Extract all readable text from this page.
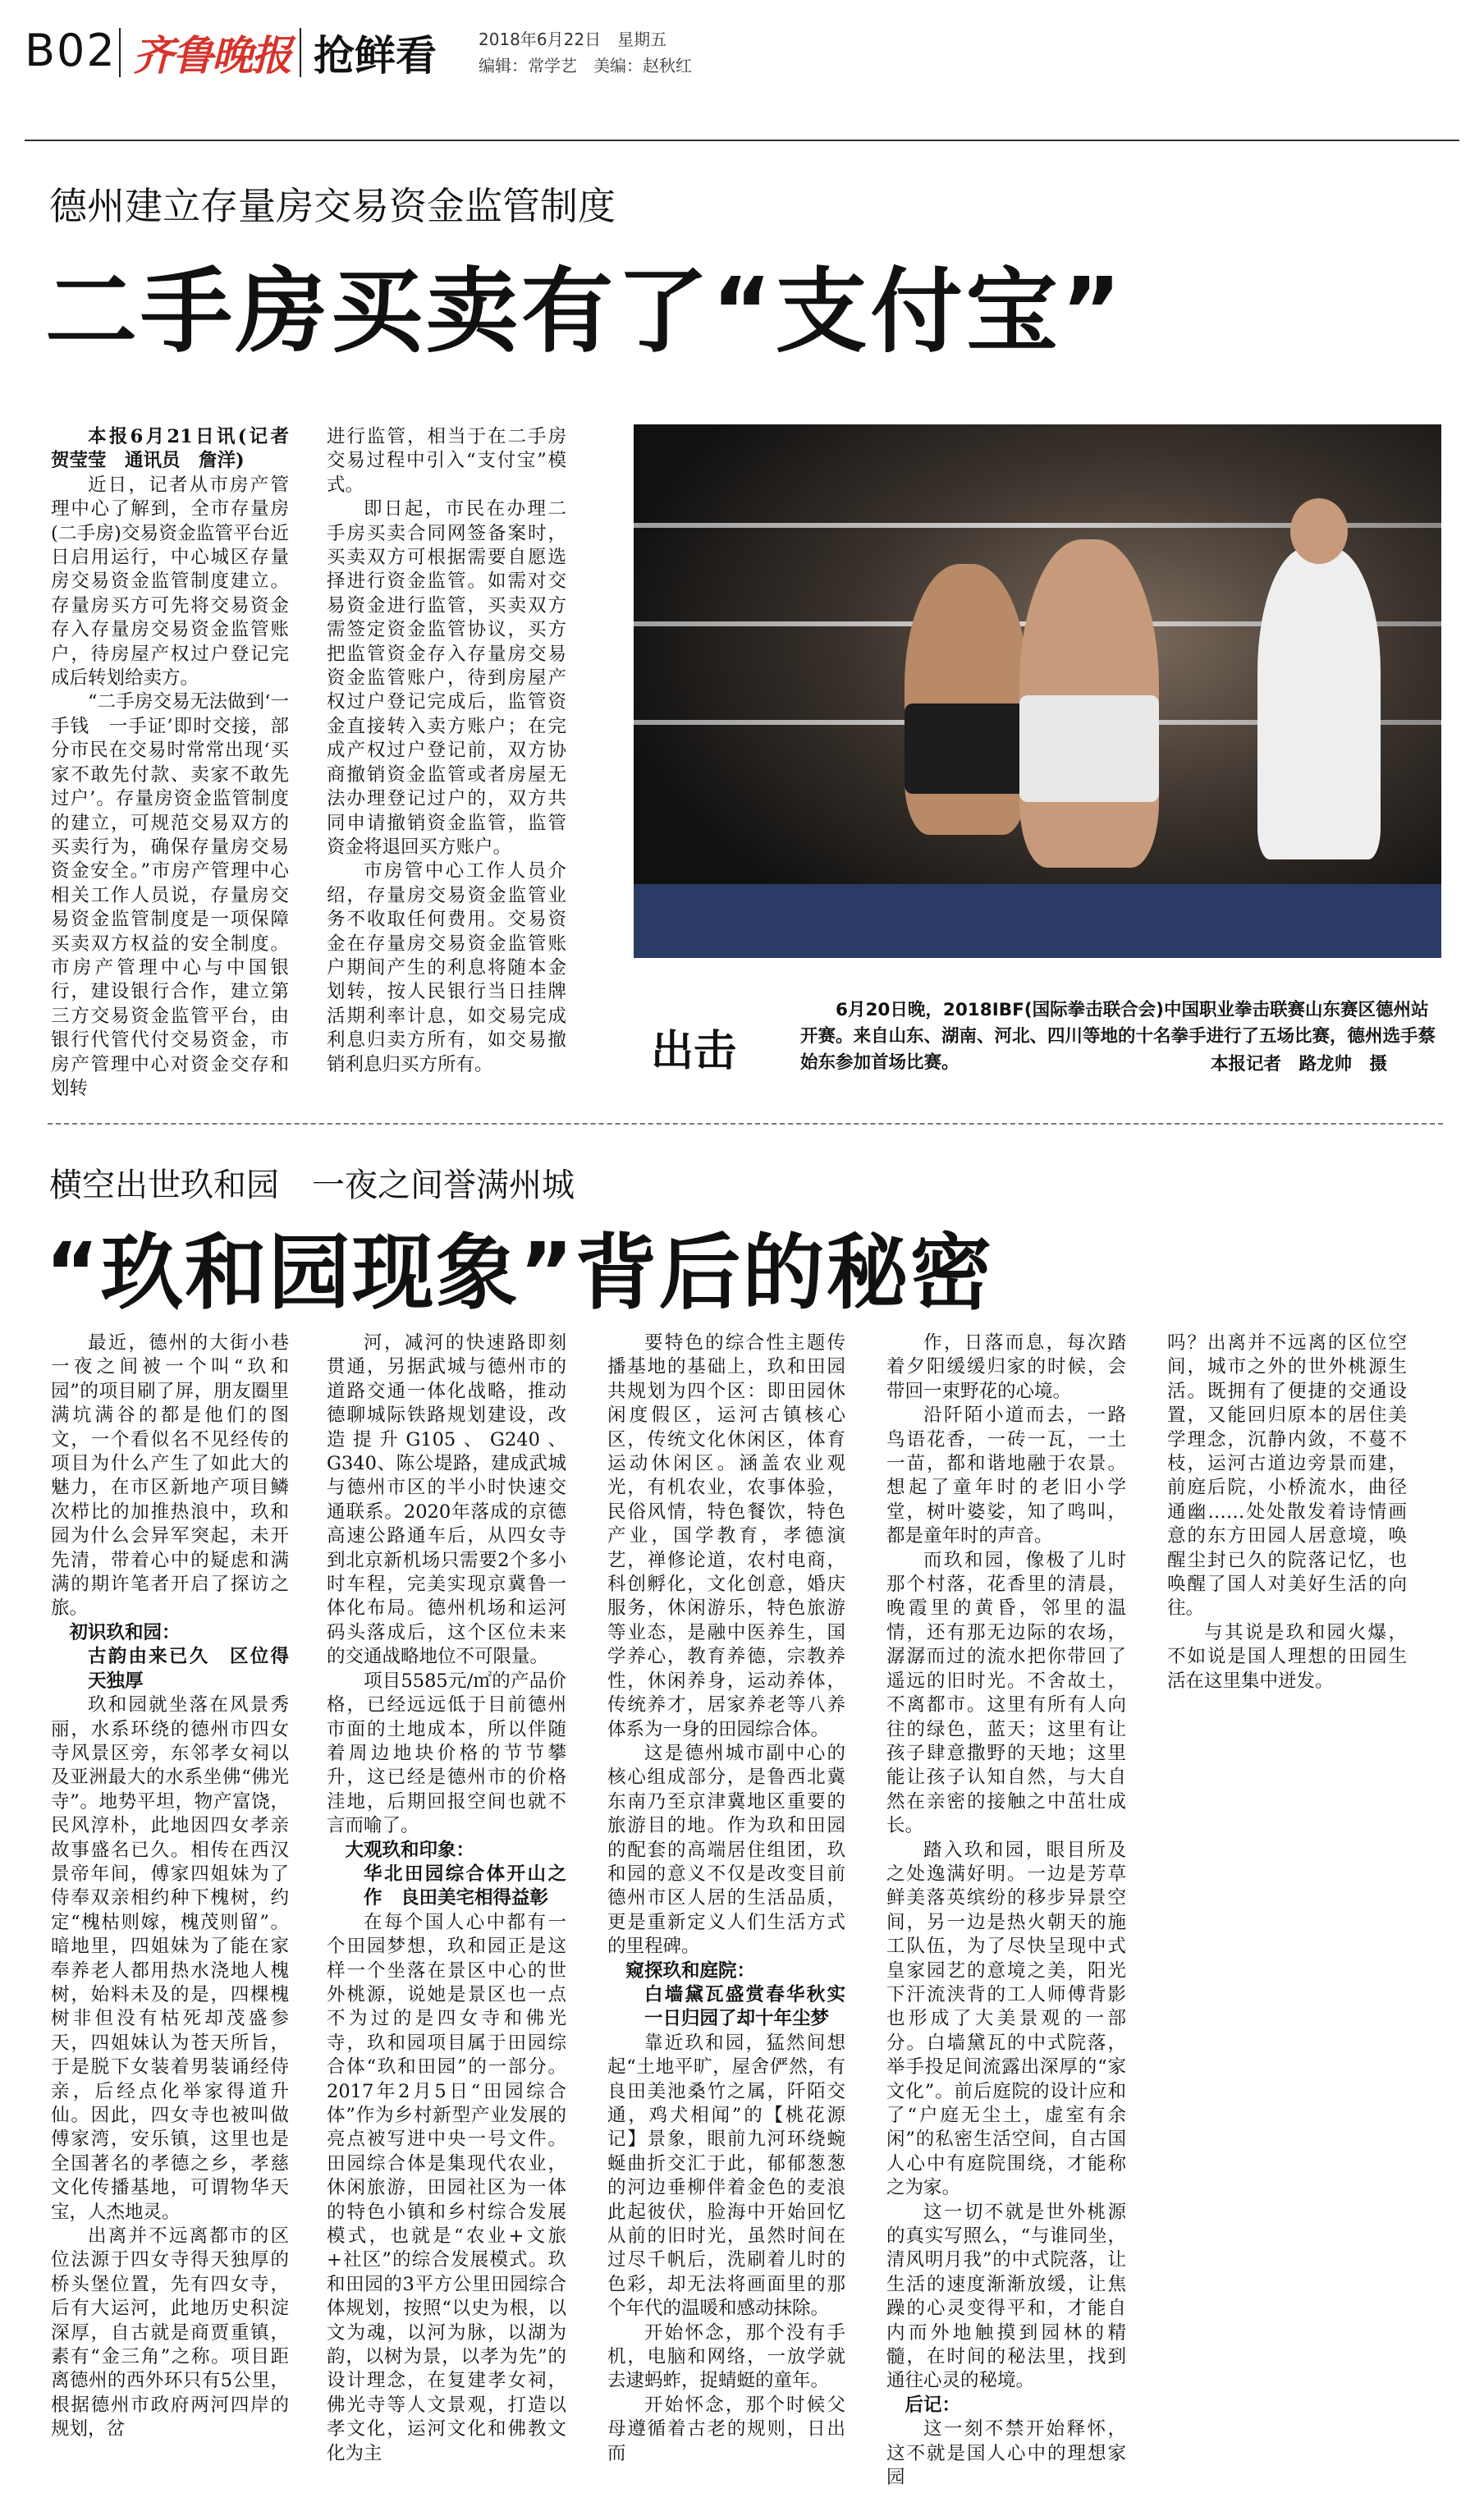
B02 齐鲁晚报 抢鲜看	2018年6月22日　星期五
编辑：常学艺　美编：赵秋红
德州建立存量房交易资金监管制度
二手房买卖有了“支付宝”

本报6月21日讯(记者　贺莹莹　通讯员　詹洋)

近日，记者从市房产管理中心了解到，全市存量房(二手房)交易资金监管平台近日启用运行，中心城区存量房交易资金监管制度建立。存量房买方可先将交易资金存入存量房交易资金监管账户，待房屋产权过户登记完成后转划给卖方。

“二手房交易无法做到‘一手钱　一手证’即时交接，部分市民在交易时常常出现‘买家不敢先付款、卖家不敢先过户’。存量房资金监管制度的建立，可规范交易双方的买卖行为，确保存量房交易资金安全。”市房产管理中心相关工作人员说，存量房交易资金监管制度是一项保障买卖双方权益的安全制度。市房产管理中心与中国银行，建设银行合作，建立第三方交易资金监管平台，由银行代管代付交易资金，市房产管理中心对资金交存和划转

进行监管，相当于在二手房交易过程中引入“支付宝”模式。

即日起，市民在办理二手房买卖合同网签备案时，买卖双方可根据需要自愿选择进行资金监管。如需对交易资金进行监管，买卖双方需签定资金监管协议，买方把监管资金存入存量房交易资金监管账户，待到房屋产权过户登记完成后，监管资金直接转入卖方账户；在完成产权过户登记前，双方协商撤销资金监管或者房屋无法办理登记过户的，双方共同申请撤销资金监管，监管资金将退回买方账户。

市房管中心工作人员介绍，存量房交易资金监管业务不收取任何费用。交易资金在存量房交易资金监管账户期间产生的利息将随本金划转，按人民银行当日挂牌活期利率计息，如交易完成利息归卖方所有，如交易撤销利息归买方所有。	出击
6月20日晚，2018IBF(国际拳击联合会)中国职业拳击联赛山东赛区德州站开赛。来自山东、湖南、河北、四川等地的十名拳手进行了五场比赛，德州选手蔡始东参加首场比赛。	本报记者　路龙帅　摄
横空出世玖和园　一夜之间誉满州城
“玖和园现象”背后的秘密

最近，德州的大街小巷一夜之间被一个叫“玖和园”的项目刷了屏，朋友圈里满坑满谷的都是他们的图文，一个看似名不见经传的项目为什么产生了如此大的魅力，在市区新地产项目鳞次栉比的加推热浪中，玖和园为什么会异军突起，未开先清，带着心中的疑虑和满满的期许笔者开启了探访之旅。

初识玖和园：

古韵由来已久　区位得天独厚

玖和园就坐落在风景秀丽，水系环绕的德州市四女寺风景区旁，东邻孝女祠以及亚洲最大的水系坐佛“佛光寺”。地势平坦，物产富饶，民风淳朴，此地因四女孝亲故事盛名已久。相传在西汉景帝年间，傅家四姐妹为了侍奉双亲相约种下槐树，约定“槐枯则嫁，槐茂则留”。暗地里，四姐妹为了能在家奉养老人都用热水浇地人槐树，始料未及的是，四棵槐树非但没有枯死却茂盛参天，四姐妹认为苍天所旨，于是脱下女装着男装诵经侍亲，后经点化举家得道升仙。因此，四女寺也被叫做傅家湾，安乐镇，这里也是全国著名的孝德之乡，孝慈文化传播基地，可谓物华天宝，人杰地灵。

出离并不远离都市的区位法源于四女寺得天独厚的桥头堡位置，先有四女寺，后有大运河，此地历史积淀深厚，自古就是商贾重镇，素有“金三角”之称。项目距离德州的西外环只有5公里，根据德州市政府两河四岸的规划，岔

河，减河的快速路即刻贯通，另据武城与德州市的道路交通一体化战略，推动德聊城际铁路规划建设，改造提升G105、G240、G340、陈公堤路，建成武城与德州市区的半小时快速交通联系。2020年落成的京德高速公路通车后，从四女寺到北京新机场只需要2个多小时车程，完美实现京冀鲁一体化布局。德州机场和运河码头落成后，这个区位未来的交通战略地位不可限量。

项目5585元/㎡的产品价格，已经远远低于目前德州市面的土地成本，所以伴随着周边地块价格的节节攀升，这已经是德州市的价格洼地，后期回报空间也就不言而喻了。

大观玖和印象：

华北田园综合体开山之作　良田美宅相得益彰

在每个国人心中都有一个田园梦想，玖和园正是这样一个坐落在景区中心的世外桃源，说她是景区也一点不为过的是四女寺和佛光寺，玖和园项目属于田园综合体“玖和田园”的一部分。2017年2月5日“田园综合体”作为乡村新型产业发展的亮点被写进中央一号文件。田园综合体是集现代农业，休闲旅游，田园社区为一体的特色小镇和乡村综合发展模式，也就是“农业+文旅+社区”的综合发展模式。玖和田园的3平方公里田园综合体规划，按照“以史为根，以文为魂，以河为脉，以湖为韵，以树为景，以孝为先”的设计理念，在复建孝女祠，佛光寺等人文景观，打造以孝文化，运河文化和佛教文化为主

要特色的综合性主题传播基地的基础上，玖和田园共规划为四个区：即田园休闲度假区，运河古镇核心区，传统文化休闲区，体育运动休闲区。涵盖农业观光，有机农业，农事体验，民俗风情，特色餐饮，特色产业，国学教育，孝德演艺，禅修论道，农村电商，科创孵化，文化创意，婚庆服务，休闲游乐，特色旅游等业态，是融中医养生，国学养心，教育养德，宗教养性，休闲养身，运动养体，传统养才，居家养老等八养体系为一身的田园综合体。

这是德州城市副中心的核心组成部分，是鲁西北冀东南乃至京津冀地区重要的旅游目的地。作为玖和田园的配套的高端居住组团，玖和园的意义不仅是改变目前德州市区人居的生活品质，更是重新定义人们生活方式的里程碑。

窥探玖和庭院：

白墙黛瓦盛赏春华秋实　一日归园了却十年尘梦

靠近玖和园，猛然间想起“土地平旷，屋舍俨然，有良田美池桑竹之属，阡陌交通，鸡犬相闻”的【桃花源记】景象，眼前九河环绕蜿蜒曲折交汇于此，郁郁葱葱的河边垂柳伴着金色的麦浪此起彼伏，脸海中开始回忆从前的旧时光，虽然时间在过尽千帆后，洗刷着儿时的色彩，却无法将画面里的那个年代的温暖和感动抹除。

开始怀念，那个没有手机，电脑和网络，一放学就去逮蚂蚱，捉蜻蜓的童年。

开始怀念，那个时候父母遵循着古老的规则，日出而

作，日落而息，每次踏着夕阳缓缓归家的时候，会带回一束野花的心境。

沿阡陌小道而去，一路鸟语花香，一砖一瓦，一土一苗，都和谐地融于农景。想起了童年时的老旧小学堂，树叶婆娑，知了鸣叫，都是童年时的声音。

而玖和园，像极了儿时那个村落，花香里的清晨，晚霞里的黄昏，邻里的温情，还有那无边际的农场，潺潺而过的流水把你带回了遥远的旧时光。不舍故土，不离都市。这里有所有人向往的绿色，蓝天；这里有让孩子肆意撒野的天地；这里能让孩子认知自然，与大自然在亲密的接触之中茁壮成长。

踏入玖和园，眼目所及之处逸满好明。一边是芳草鲜美落英缤纷的移步异景空间，另一边是热火朝天的施工队伍，为了尽快呈现中式皇家园艺的意境之美，阳光下汗流浃背的工人师傅背影也形成了大美景观的一部分。白墙黛瓦的中式院落，举手投足间流露出深厚的“家文化”。前后庭院的设计应和了“户庭无尘土，虚室有余闲”的私密生活空间，自古国人心中有庭院围绕，才能称之为家。

这一切不就是世外桃源的真实写照么，“与谁同坐，清风明月我”的中式院落，让生活的速度渐渐放缓，让焦躁的心灵变得平和，才能自内而外地触摸到园林的精髓，在时间的秘法里，找到通往心灵的秘境。

后记：

这一刻不禁开始释怀，这不就是国人心中的理想家园

吗？出离并不远离的区位空间，城市之外的世外桃源生活。既拥有了便捷的交通设置，又能回归原本的居住美学理念，沉静内敛，不蔓不枝，运河古道边旁景而建，前庭后院，小桥流水，曲径通幽……处处散发着诗情画意的东方田园人居意境，唤醒尘封已久的院落记忆，也唤醒了国人对美好生活的向往。

与其说是玖和园火爆，不如说是国人理想的田园生活在这里集中迸发。
